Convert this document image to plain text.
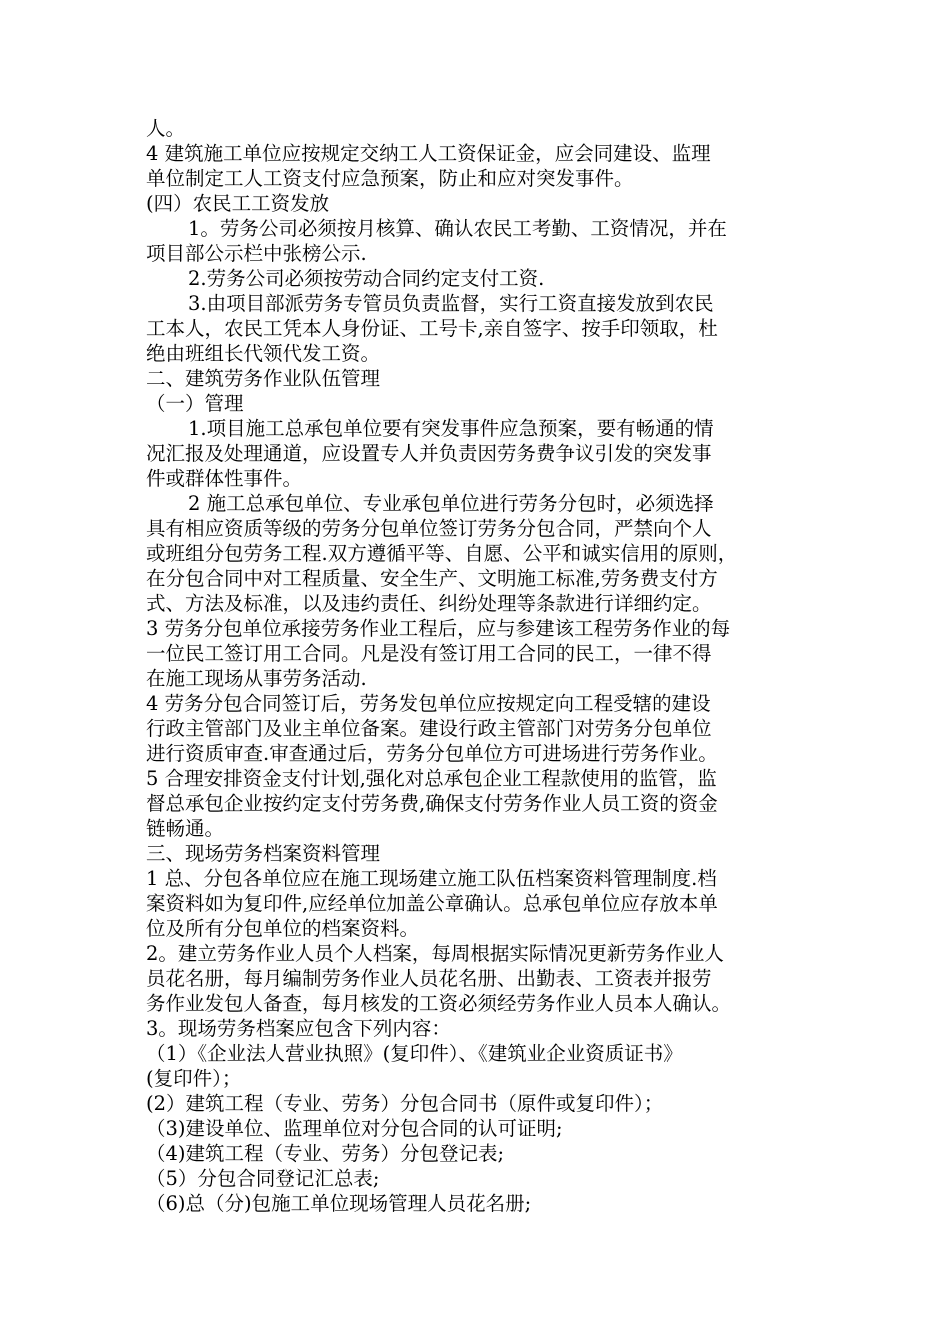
人。
4 建筑施工单位应按规定交纳工人工资保证金，应会同建设、监理
单位制定工人工资支付应急预案，防止和应对突发事件。
(四）农民工工资发放
1。劳务公司必须按月核算、确认农民工考勤、工资情况，并在
项目部公示栏中张榜公示.
2.劳务公司必须按劳动合同约定支付工资.
3.由项目部派劳务专管员负责监督，实行工资直接发放到农民
工本人，农民工凭本人身份证、工号卡,亲自签字、按手印领取，杜
绝由班组长代领代发工资。
二、建筑劳务作业队伍管理
（一）管理
1.项目施工总承包单位要有突发事件应急预案，要有畅通的情
况汇报及处理通道，应设置专人并负责因劳务费争议引发的突发事
件或群体性事件。
2 施工总承包单位、专业承包单位进行劳务分包时，必须选择
具有相应资质等级的劳务分包单位签订劳务分包合同，严禁向个人
或班组分包劳务工程.双方遵循平等、自愿、公平和诚实信用的原则，
在分包合同中对工程质量、安全生产、文明施工标准,劳务费支付方
式、方法及标准，以及违约责任、纠纷处理等条款进行详细约定。
3 劳务分包单位承接劳务作业工程后，应与参建该工程劳务作业的每
一位民工签订用工合同。凡是没有签订用工合同的民工，一律不得
在施工现场从事劳务活动.
4 劳务分包合同签订后，劳务发包单位应按规定向工程受辖的建设
行政主管部门及业主单位备案。建设行政主管部门对劳务分包单位
进行资质审查.审查通过后，劳务分包单位方可进场进行劳务作业。
5 合理安排资金支付计划,强化对总承包企业工程款使用的监管，监
督总承包企业按约定支付劳务费,确保支付劳务作业人员工资的资金
链畅通。
三、现场劳务档案资料管理
1 总、分包各单位应在施工现场建立施工队伍档案资料管理制度.档
案资料如为复印件,应经单位加盖公章确认。总承包单位应存放本单
位及所有分包单位的档案资料。
2。建立劳务作业人员个人档案，每周根据实际情况更新劳务作业人
员花名册，每月编制劳务作业人员花名册、出勤表、工资表并报劳
务作业发包人备查，每月核发的工资必须经劳务作业人员本人确认。
3。现场劳务档案应包含下列内容：
（1）《企业法人营业执照》(复印件）、《建筑业企业资质证书》
(复印件）；
(2）建筑工程（专业、劳务）分包合同书（原件或复印件）；
（3)建设单位、监理单位对分包合同的认可证明;
（4)建筑工程（专业、劳务）分包登记表;
（5）分包合同登记汇总表;
（6)总（分)包施工单位现场管理人员花名册;
